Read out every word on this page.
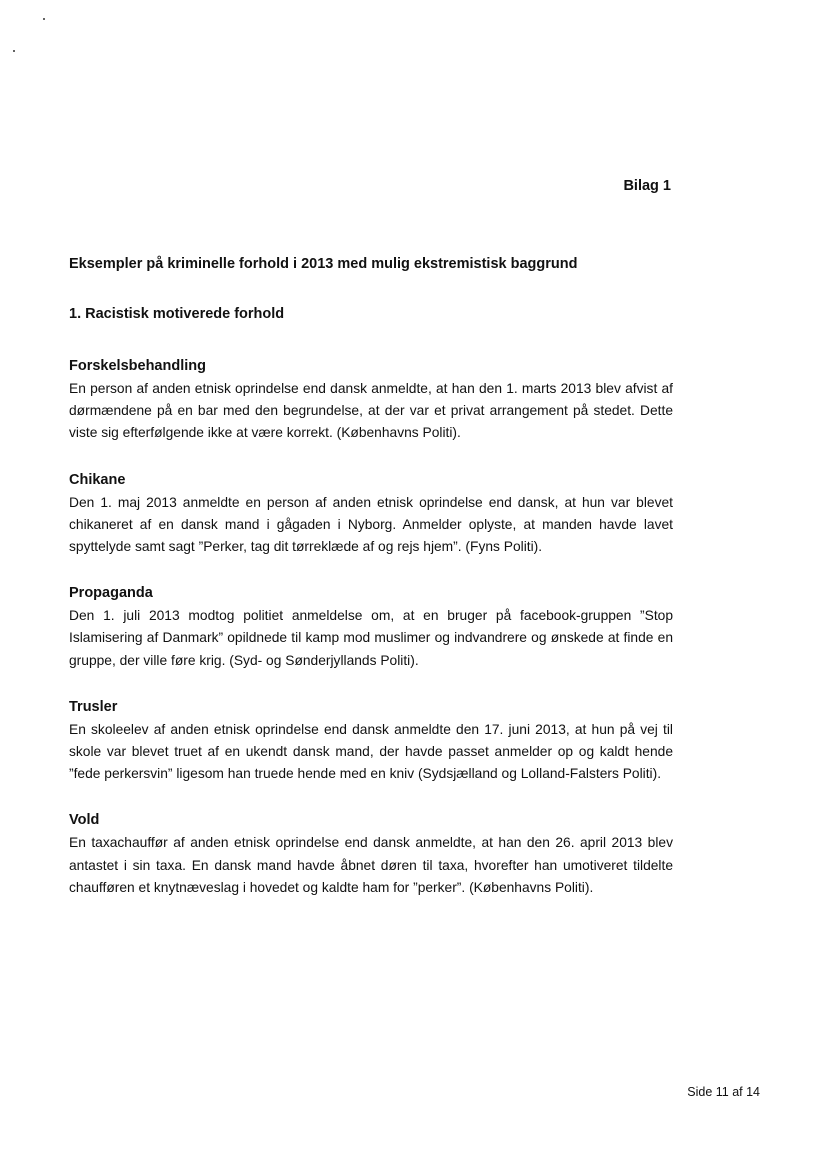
Bilag 1
Eksempler på kriminelle forhold i 2013 med mulig ekstremistisk baggrund
1. Racistisk motiverede forhold
Forskelsbehandling

En person af anden etnisk oprindelse end dansk anmeldte, at han den 1. marts 2013 blev afvist af dørmændene på en bar med den begrundelse, at der var et privat arrangement på stedet. Dette viste sig efterfølgende ikke at være korrekt. (Københavns Politi).

Chikane

Den 1. maj 2013 anmeldte en person af anden etnisk oprindelse end dansk, at hun var blevet chikaneret af en dansk mand i gågaden i Nyborg. Anmelder oplyste, at manden havde lavet spyttelyde samt sagt ”Perker, tag dit tørreklæde af og rejs hjem”. (Fyns Politi).

Propaganda

Den 1. juli 2013 modtog politiet anmeldelse om, at en bruger på facebook-gruppen ”Stop Islamisering af Danmark” opildnede til kamp mod muslimer og indvandrere og ønskede at finde en gruppe, der ville føre krig. (Syd- og Sønderjyllands Politi).

Trusler

En skoleelev af anden etnisk oprindelse end dansk anmeldte den 17. juni 2013, at hun på vej til skole var blevet truet af en ukendt dansk mand, der havde passet anmelder op og kaldt hende ”fede perkersvin” ligesom han truede hende med en kniv (Sydsjælland og Lolland-Falsters Politi).

Vold

En taxachauffør af anden etnisk oprindelse end dansk anmeldte, at han den 26. april 2013 blev antastet i sin taxa. En dansk mand havde åbnet døren til taxa, hvorefter han umotiveret tildelte chaufføren et knytnæveslag i hovedet og kaldte ham for ”perker”. (Københavns Politi).

Side 11 af 14
